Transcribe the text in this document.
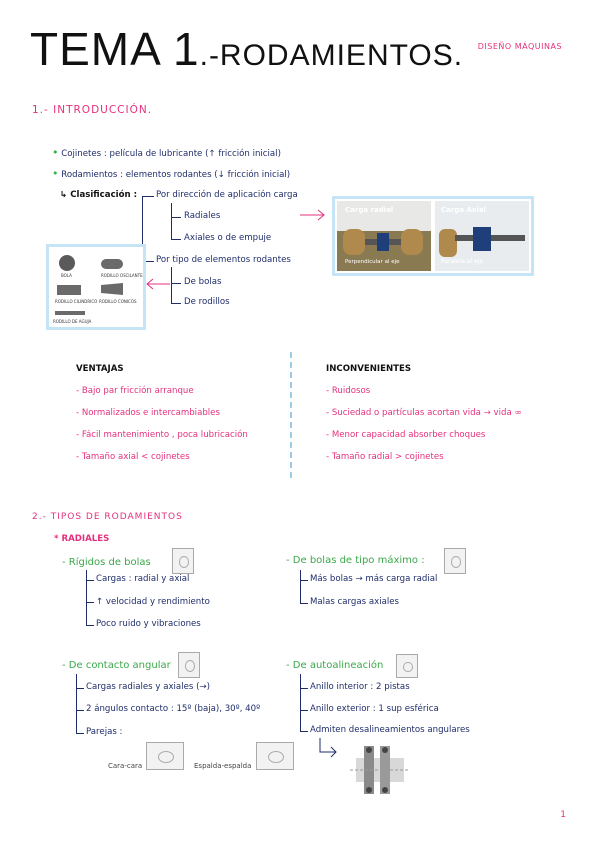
TEMA 1.-RODAMIENTOS. DISEÑO MÁQUINAS
1.- INTRODUCCIÓN.
• Cojinetes : película de lubricante (↑ fricción inicial)
• Rodamientos : elementos rodantes (↓ fricción inicial)
↳ Clasificación : Por dirección de aplicación carga
Radiales
Axiales o de empuje
Por tipo de elementos rodantes
De bolas
De rodillos
Carga radial
Perpendicular al eje
Carga Axial
Paralela al eje
BOLA	RODILLO OSCILANTES
RODILLO CILINDRICO RODILLO CONICOS
RODILLO DE AGUJA
VENTAJAS
- Bajo par fricción arranque
- Normalizados e intercambiables
- Fácil mantenimiento , poca lubricación
- Tamaño axial < cojinetes
INCONVENIENTES
- Ruidosos
- Suciedad o partículas acortan vida → vida ∞
- Menor capacidad absorber choques
- Tamaño radial > cojinetes
2.- TIPOS DE RODAMIENTOS
* RADIALES
- Rígidos de bolas
Cargas : radial y axial
↑ velocidad y rendimiento
Poco ruido y vibraciones
- De bolas de tipo máximo :
Más bolas → más carga radial
Malas cargas axiales
- De contacto angular
Cargas radiales y axiales (→)
2 ángulos contacto : 15º (baja), 30º, 40º
Parejas :
Cara-cara	Espalda-espalda
- De autoalineación
Anillo interior : 2 pistas
Anillo exterior : 1 sup esférica
Admiten desalineamientos angulares
1
